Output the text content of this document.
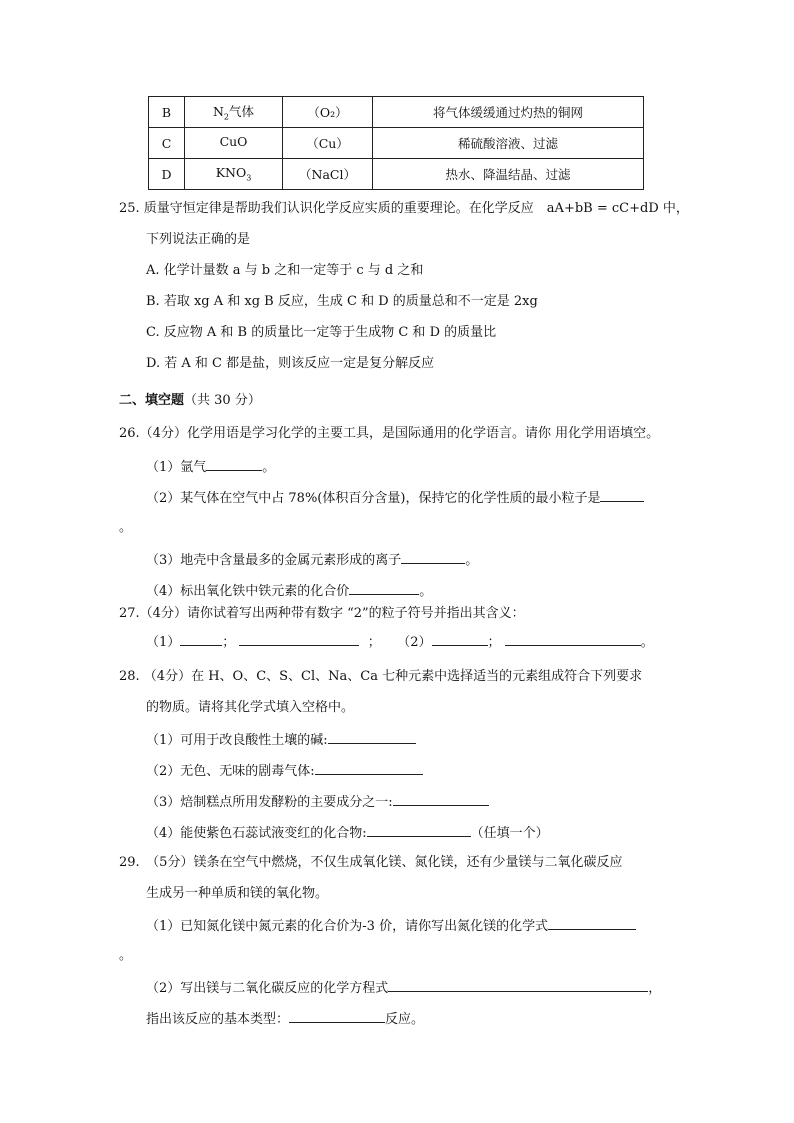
B	$N_2$气体	（O₂）	将气体缓缓通过灼热的铜网
C	CuO	（Cu）	稀硫酸溶液、过滤
D	$KNO_3$	（NaCl）	热水、降温结晶、过滤
25. 质量守恒定律是帮助我们认识化学反应实质的重要理论。在化学反应　aA+bB = cC+dD 中，
下列说法正确的是
A. 化学计量数 a 与 b 之和一定等于 c 与 d 之和
B. 若取 xg A 和 xg B 反应，生成 C 和 D 的质量总和不一定是 2xg
C. 反应物 A 和 B 的质量比一定等于生成物 C 和 D 的质量比
D. 若 A 和 C 都是盐，则该反应一定是复分解反应
二、填空题（共 30 分）
26.（4分）化学用语是学习化学的主要工具，是国际通用的化学语言。请你 用化学用语填空。
（1）氩气	。
（2）某气体在空气中占 78%(体积百分含量)，保持它的化学性质的最小粒子是
。
（3）地壳中含量最多的金属元素形成的离子	。
（4）标出氧化铁中铁元素的化合价	。
27.（4分）请你试着写出两种带有数字 “2”的粒子符号并指出其含义：
（1）	；	； （2）	；	。
28. （4分）在 H、O、C、S、Cl、Na、Ca 七种元素中选择适当的元素组成符合下列要求
的物质。请将其化学式填入空格中。
（1）可用于改良酸性土壤的碱:
（2）无色、无味的剧毒气体:
（3）焙制糕点所用发酵粉的主要成分之一:
（4）能使紫色石蕊试液变红的化合物:	（任填一个）
29.　（5分）镁条在空气中燃烧，不仅生成氧化镁、氮化镁，还有少量镁与二氧化碳反应
生成另一种单质和镁的氧化物。
（1）已知氮化镁中氮元素的化合价为-3 价，请你写出氮化镁的化学式
。
（2）写出镁与二氧化碳反应的化学方程式	，
指出该反应的基本类型：	反应。
